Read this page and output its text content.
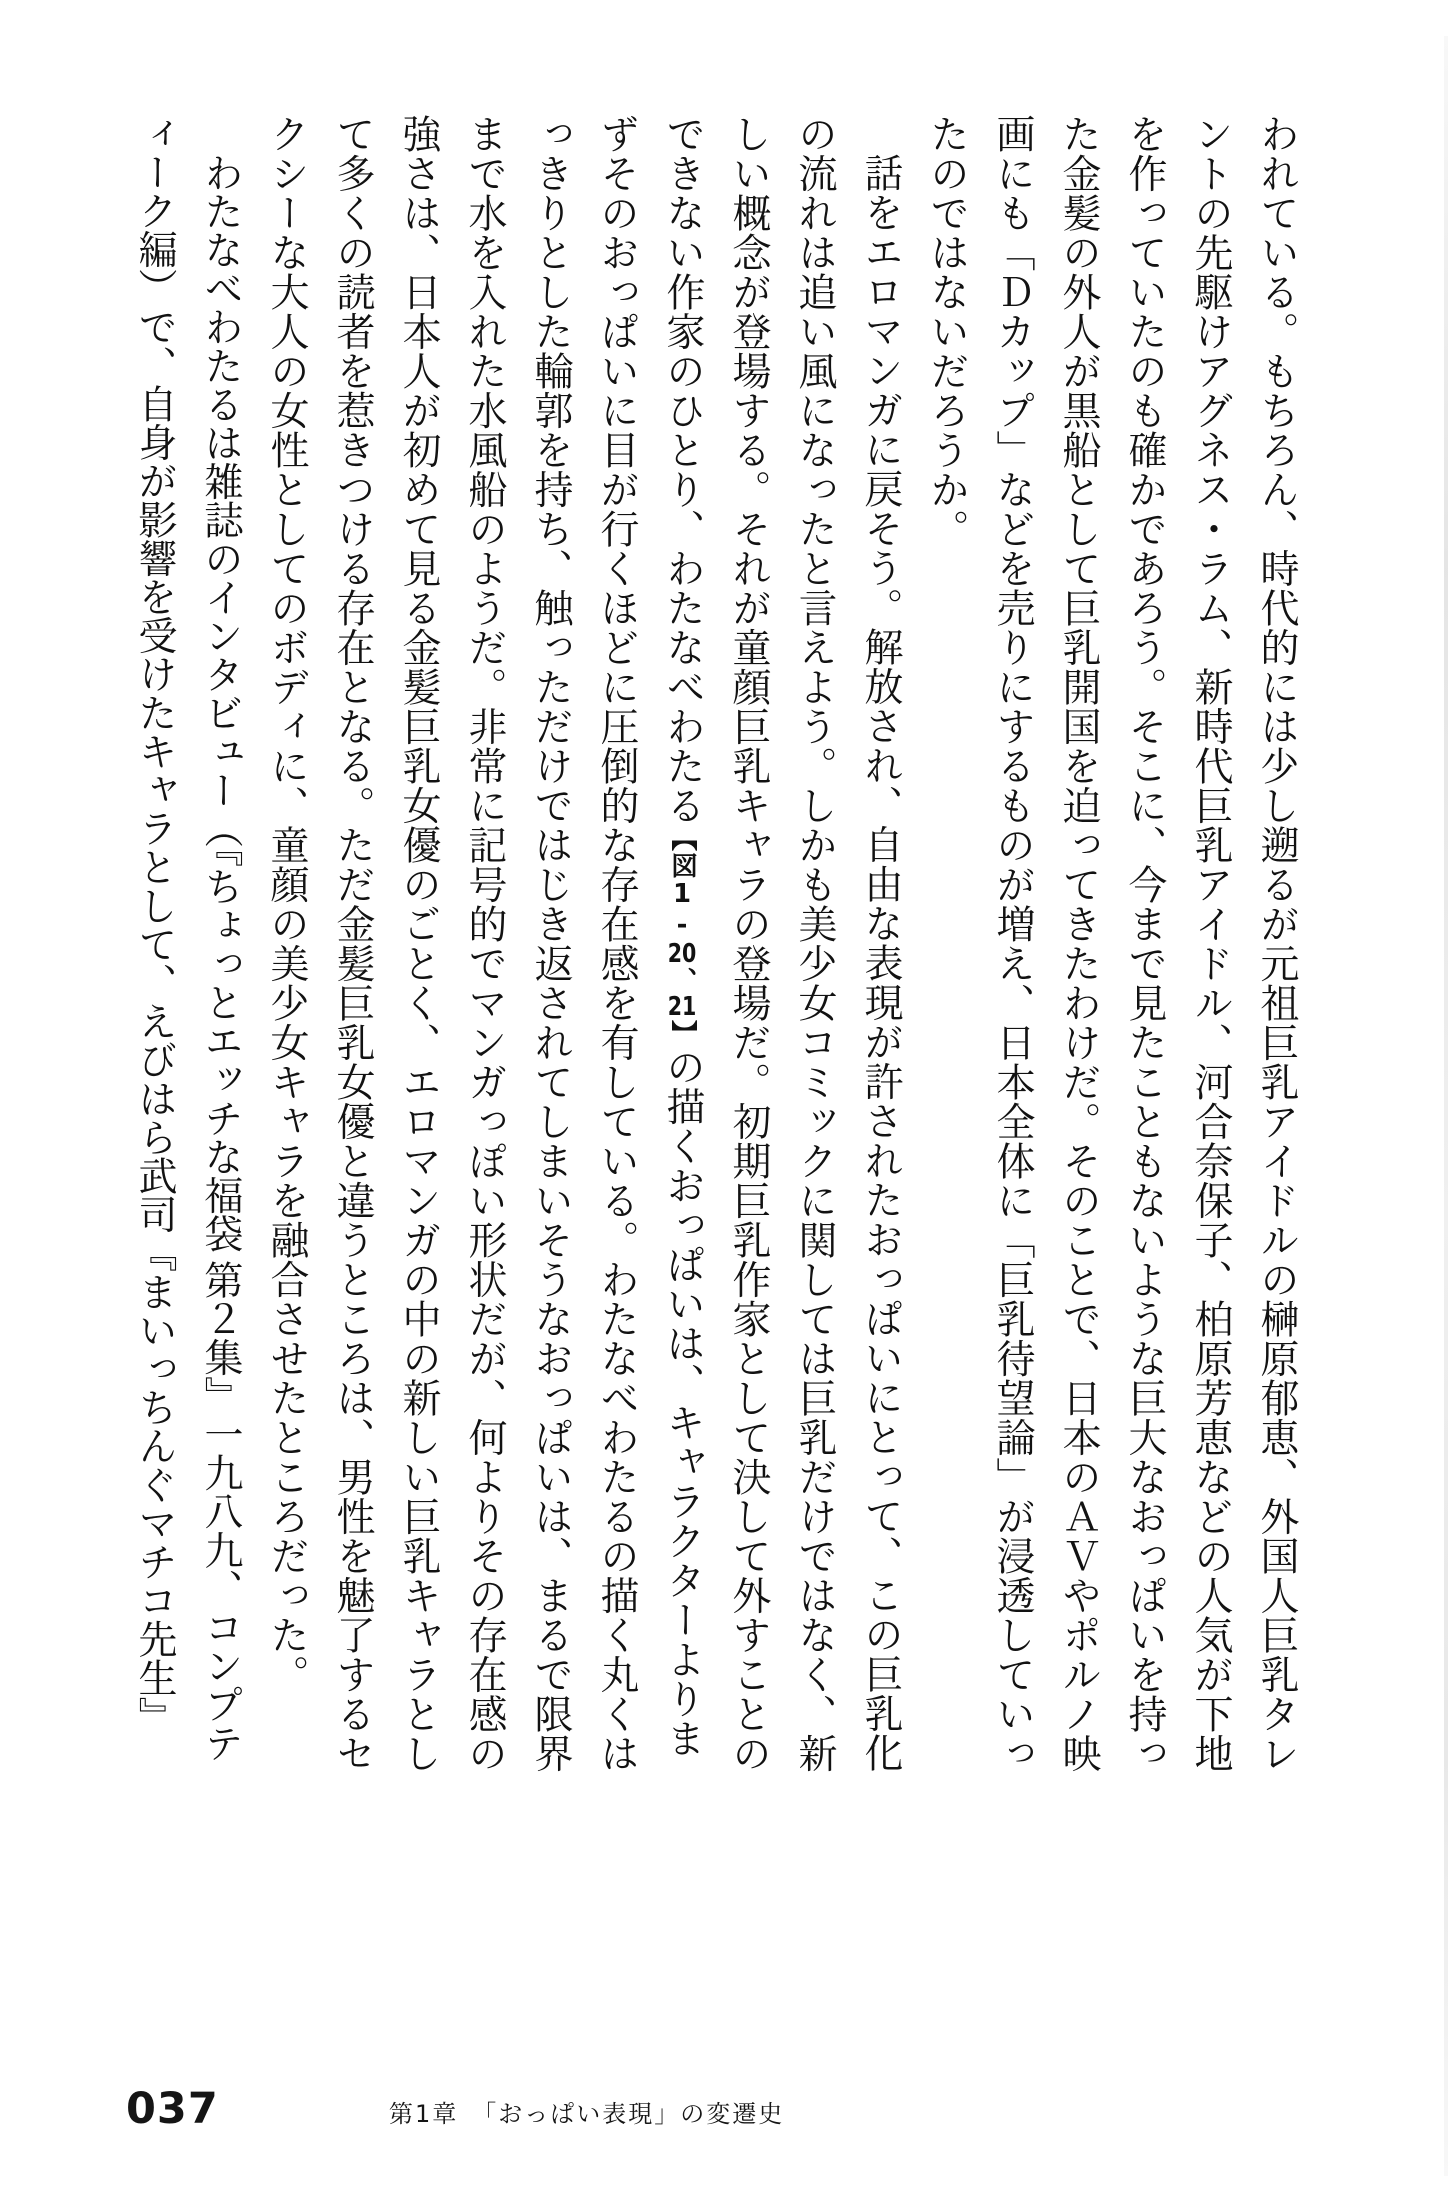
われている。もちろん、時代的には少し遡るが元祖巨乳アイドルの榊原郁恵、外国人巨乳タレントの先駆けアグネス・ラム、新時代巨乳アイドル、河合奈保子、柏原芳恵などの人気が下地を作っていたのも確かであろう。そこに、今まで見たこともないような巨大なおっぱいを持った金髪の外人が黒船として巨乳開国を迫ってきたわけだ。そのことで、日本のＡＶやポルノ映画にも「Ｄカップ」などを売りにするものが増え、日本全体に「巨乳待望論」が浸透していったのではないだろうか。

話をエロマンガに戻そう。解放され、自由な表現が許されたおっぱいにとって、この巨乳化の流れは追い風になったと言えよう。しかも美少女コミックに関しては巨乳だけではなく、新しい概念が登場する。それが童顔巨乳キャラの登場だ。初期巨乳作家として決して外すことのできない作家のひとり、わたなべわたる【図1-20、21】の描くおっぱいは、キャラクターよりまずそのおっぱいに目が行くほどに圧倒的な存在感を有している。わたなべわたるの描く丸くはっきりとした輪郭を持ち、触っただけではじき返されてしまいそうなおっぱいは、まるで限界まで水を入れた水風船のようだ。非常に記号的でマンガっぽい形状だが、何よりその存在感の強さは、日本人が初めて見る金髪巨乳女優のごとく、エロマンガの中の新しい巨乳キャラとして多くの読者を惹きつける存在となる。ただ金髪巨乳女優と違うところは、男性を魅了するセクシーな大人の女性としてのボディに、童顔の美少女キャラを融合させたところだった。

わたなべわたるは雑誌のインタビュー（『ちょっとエッチな福袋 第２集』一九八九、コンプティーク編）で、自身が影響を受けたキャラとして、えびはら武司『まいっちんぐマチコ先生』

037	第1章　「おっぱい表現」の変遷史
